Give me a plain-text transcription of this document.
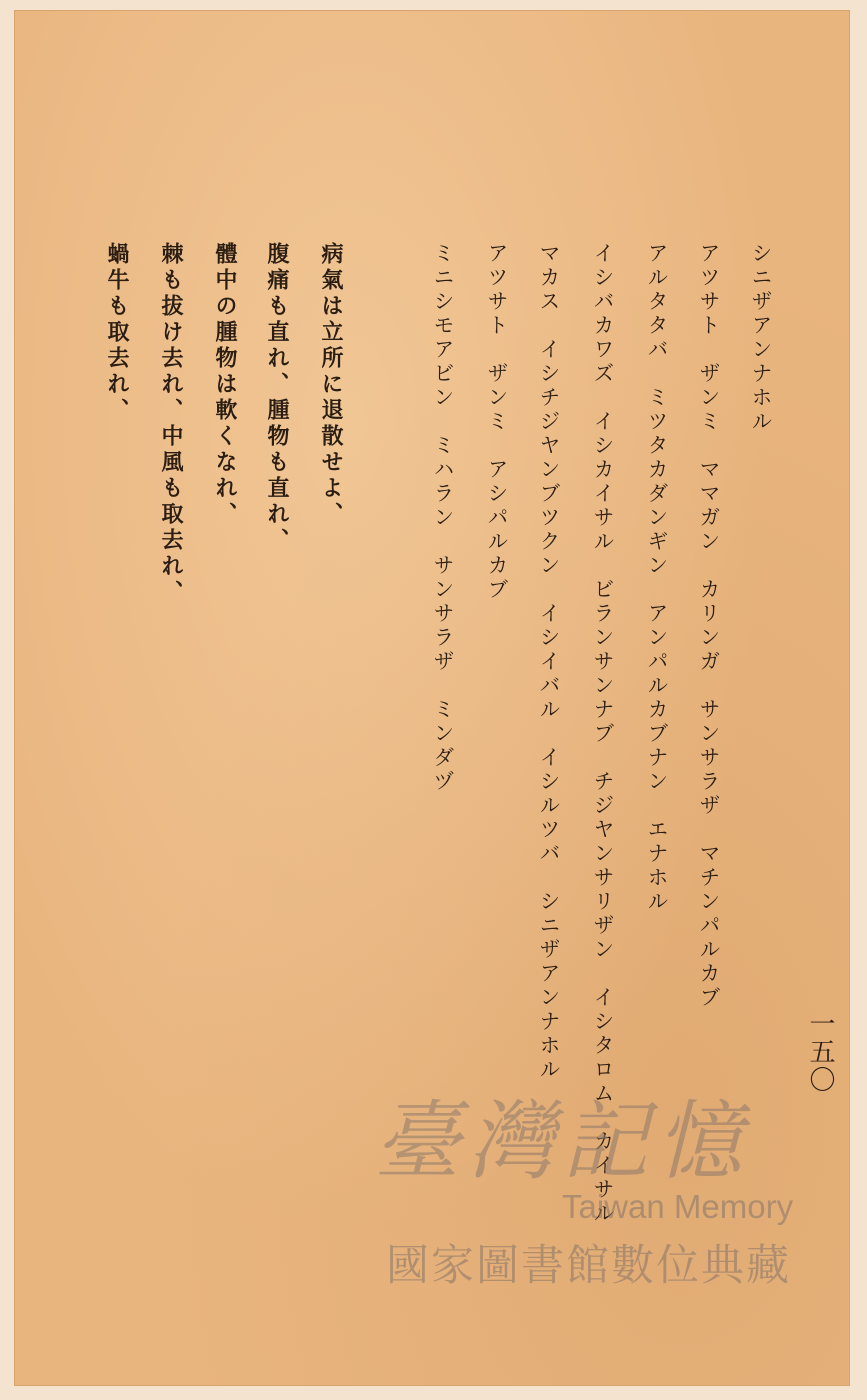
一五〇
シニザアンナホル
アツサト　ザンミ　ママガン　カリンガ　サンサラザ　マチンパルカブ
アルタタバ　ミツタカダンギン　アンパルカブナン　エナホル
イシバカワズ　イシカイサル　ビランサンナブ　チジヤンサリザン　イシタロム　カイサル
マカス　イシチジヤンブツクン　イシイバル　イシルツバ　シニザアンナホル
アツサト　ザンミ　アシパルカブ
ミニシモアビン　ミハラン　サンサラザ　ミンダヅ
病氣は立所に退散せよ、
腹痛も直れ、腫物も直れ、
體中の腫物は軟くなれ、
棘も拔け去れ、中風も取去れ、
蝸牛も取去れ、
臺灣記憶
Taiwan Memory
國家圖書館數位典藏
